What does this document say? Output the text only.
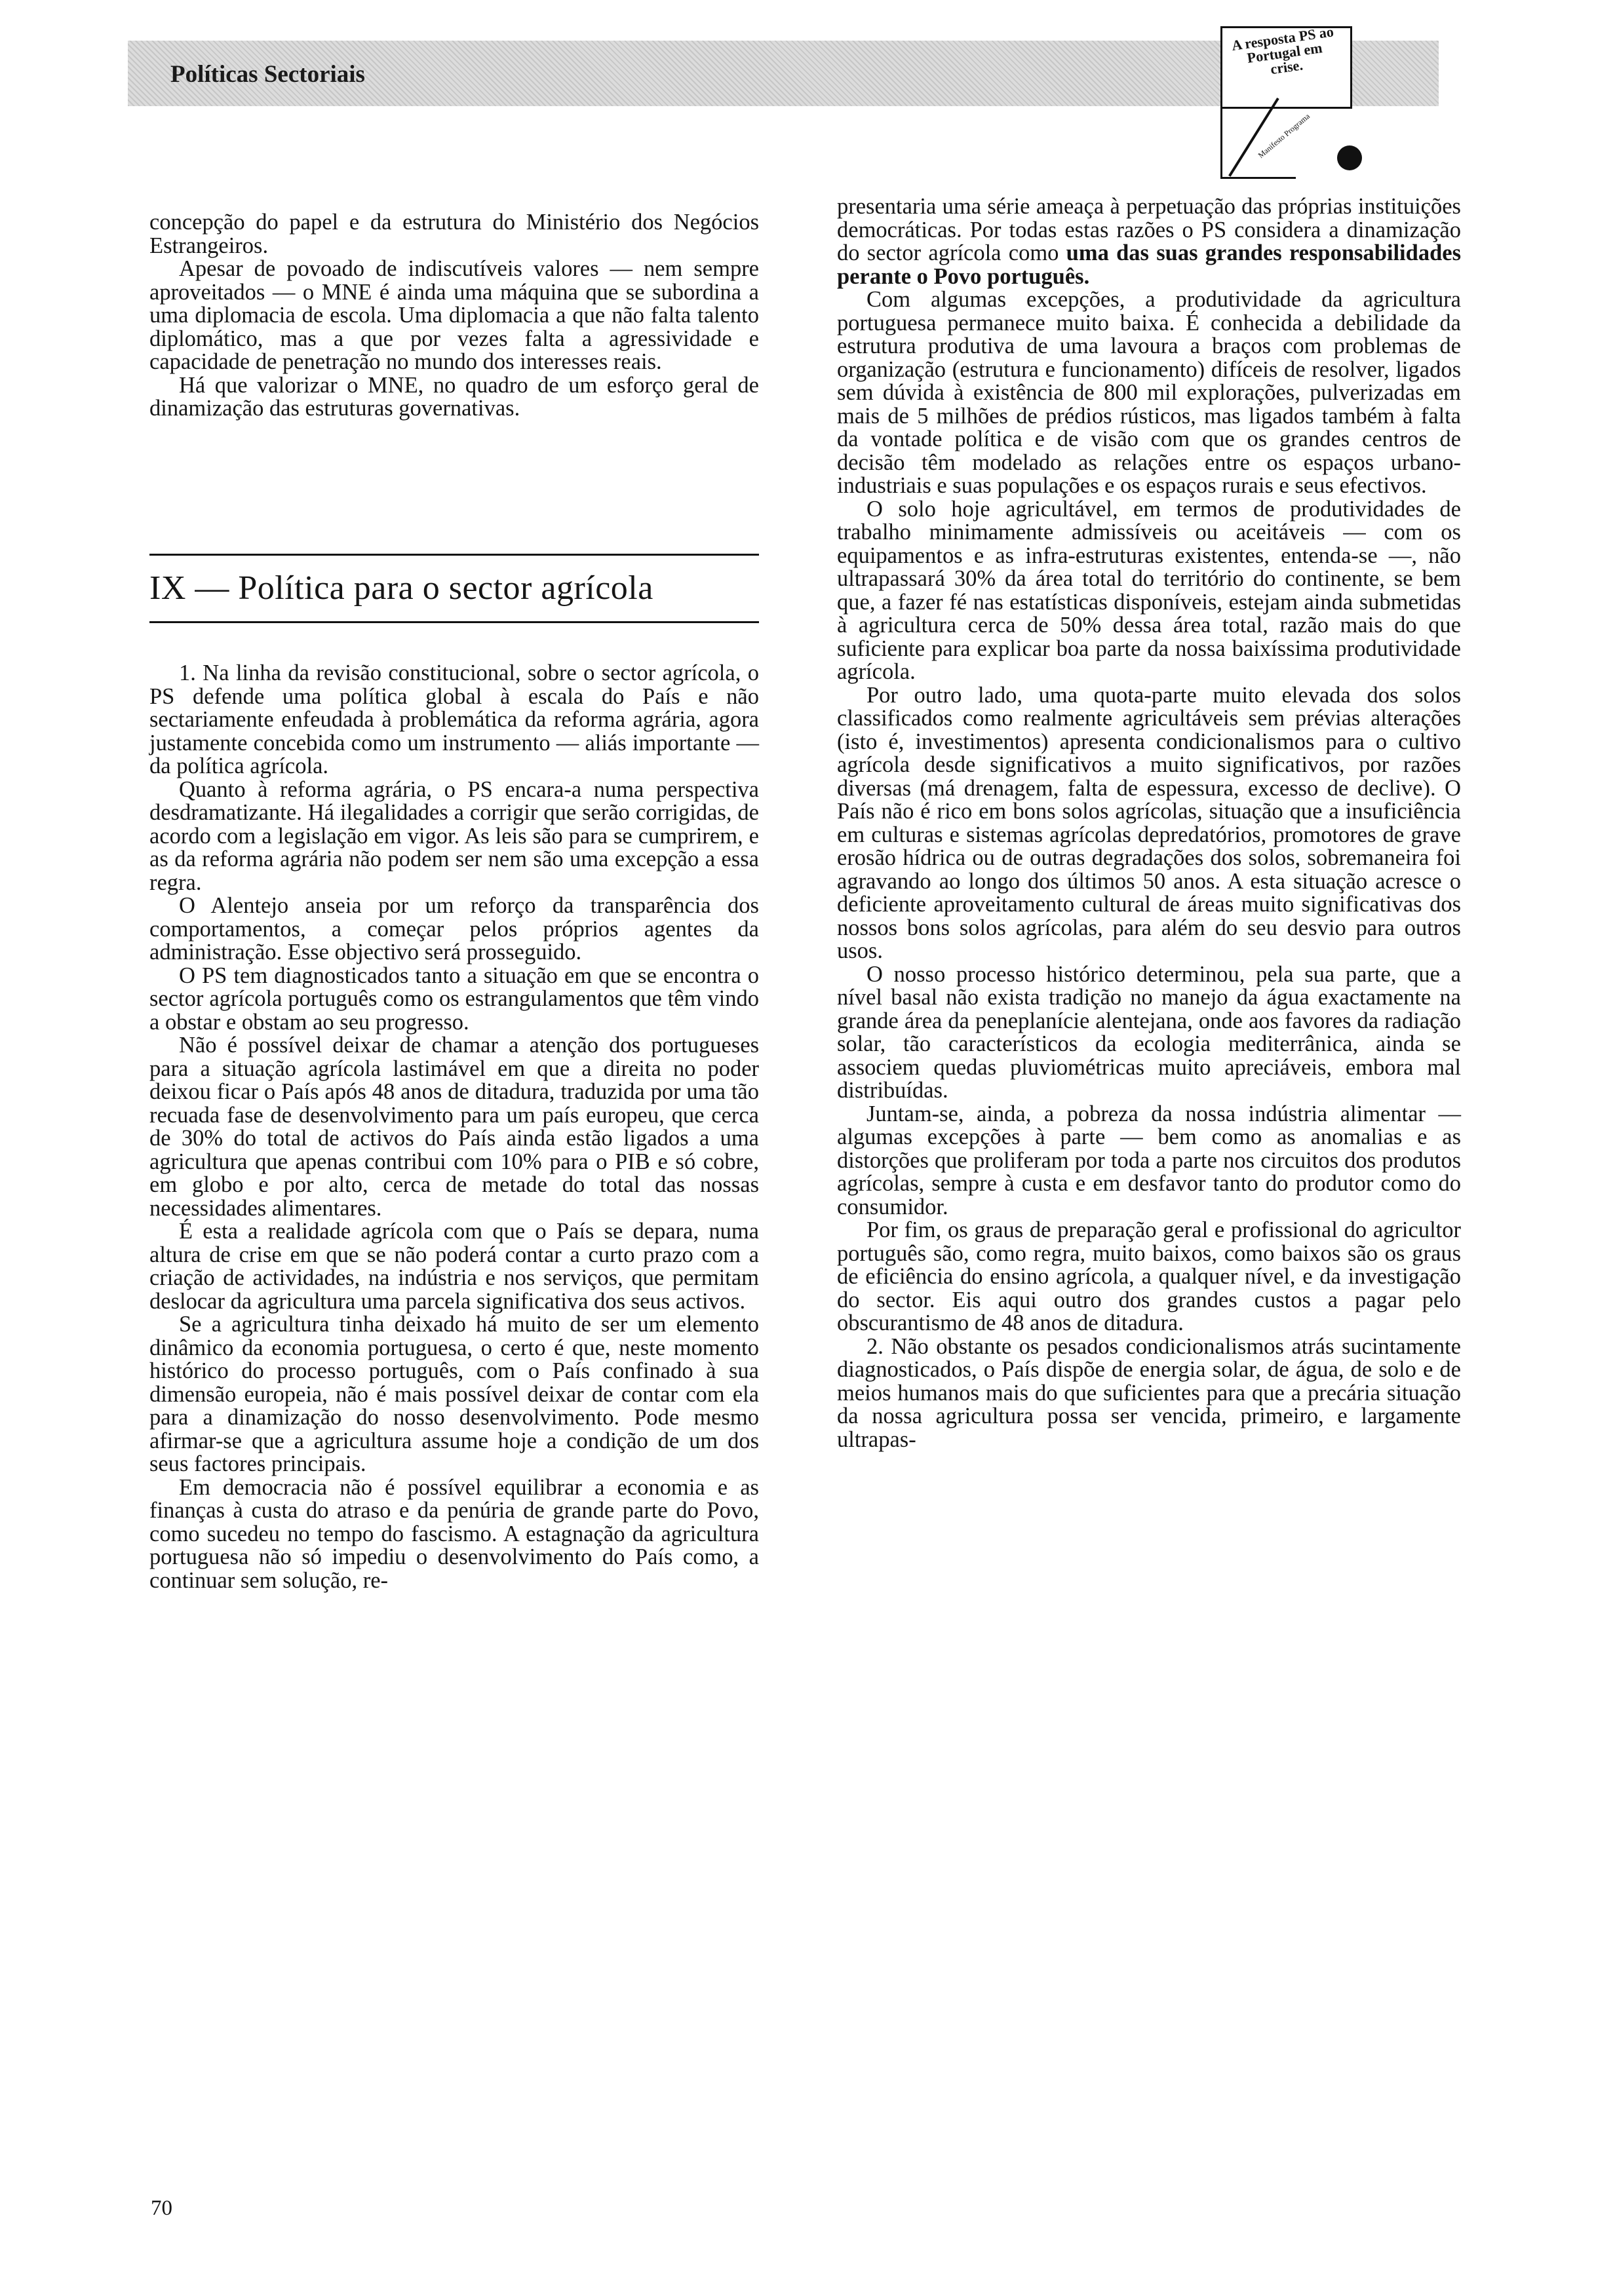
Políticas Sectoriais
A resposta PS ao Portugal em crise.
Manifesto Programa

concepção do papel e da estrutura do Ministério dos Negócios Estrangeiros.

Apesar de povoado de indiscutíveis valores — nem sempre aproveitados — o MNE é ainda uma máquina que se subordina a uma diplomacia de escola. Uma diplomacia a que não falta talento diplomático, mas a que por vezes falta a agressividade e capacidade de penetração no mundo dos interesses reais.

Há que valorizar o MNE, no quadro de um esforço geral de dinamização das estruturas governativas.

IX — Política para o sector agrícola

1. Na linha da revisão constitucional, sobre o sector agrícola, o PS defende uma política global à escala do País e não sectariamente enfeudada à problemática da reforma agrária, agora justamente concebida como um instrumento — aliás importante — da política agrícola.

Quanto à reforma agrária, o PS encara-a numa perspectiva desdramatizante. Há ilegalidades a corrigir que serão corrigidas, de acordo com a legislação em vigor. As leis são para se cumprirem, e as da reforma agrária não podem ser nem são uma excepção a essa regra.

O Alentejo anseia por um reforço da transparência dos comportamentos, a começar pelos próprios agentes da administração. Esse objectivo será prosseguido.

O PS tem diagnosticados tanto a situação em que se encontra o sector agrícola português como os estrangulamentos que têm vindo a obstar e obstam ao seu progresso.

Não é possível deixar de chamar a atenção dos portugueses para a situação agrícola lastimável em que a direita no poder deixou ficar o País após 48 anos de ditadura, traduzida por uma tão recuada fase de desenvolvimento para um país europeu, que cerca de 30% do total de activos do País ainda estão ligados a uma agricultura que apenas contribui com 10% para o PIB e só cobre, em globo e por alto, cerca de metade do total das nossas necessidades alimentares.

É esta a realidade agrícola com que o País se depara, numa altura de crise em que se não poderá contar a curto prazo com a criação de actividades, na indústria e nos serviços, que permitam deslocar da agricultura uma parcela significativa dos seus activos.

Se a agricultura tinha deixado há muito de ser um elemento dinâmico da economia portuguesa, o certo é que, neste momento histórico do processo português, com o País confinado à sua dimensão europeia, não é mais possível deixar de contar com ela para a dinamização do nosso desenvolvimento. Pode mesmo afirmar-se que a agricultura assume hoje a condição de um dos seus factores principais.

Em democracia não é possível equilibrar a economia e as finanças à custa do atraso e da penúria de grande parte do Povo, como sucedeu no tempo do fascismo. A estagnação da agricultura portuguesa não só impediu o desenvolvimento do País como, a continuar sem solução, re-

presentaria uma série ameaça à perpetuação das próprias instituições democráticas. Por todas estas razões o PS considera a dinamização do sector agrícola como uma das suas grandes responsabilidades perante o Povo português.

Com algumas excepções, a produtividade da agricultura portuguesa permanece muito baixa. É conhecida a debilidade da estrutura produtiva de uma lavoura a braços com problemas de organização (estrutura e funcionamento) difíceis de resolver, ligados sem dúvida à existência de 800 mil explorações, pulverizadas em mais de 5 milhões de prédios rústicos, mas ligados também à falta da vontade política e de visão com que os grandes centros de decisão têm modelado as relações entre os espaços urbano-industriais e suas populações e os espaços rurais e seus efectivos.

O solo hoje agricultável, em termos de produtividades de trabalho minimamente admissíveis ou aceitáveis — com os equipamentos e as infra-estruturas existentes, entenda-se —, não ultrapassará 30% da área total do território do continente, se bem que, a fazer fé nas estatísticas disponíveis, estejam ainda submetidas à agricultura cerca de 50% dessa área total, razão mais do que suficiente para explicar boa parte da nossa baixíssima produtividade agrícola.

Por outro lado, uma quota-parte muito elevada dos solos classificados como realmente agricultáveis sem prévias alterações (isto é, investimentos) apresenta condicionalismos para o cultivo agrícola desde significativos a muito significativos, por razões diversas (má drenagem, falta de espessura, excesso de declive). O País não é rico em bons solos agrícolas, situação que a insuficiência em culturas e sistemas agrícolas depredatórios, promotores de grave erosão hídrica ou de outras degradações dos solos, sobremaneira foi agravando ao longo dos últimos 50 anos. A esta situação acresce o deficiente aproveitamento cultural de áreas muito significativas dos nossos bons solos agrícolas, para além do seu desvio para outros usos.

O nosso processo histórico determinou, pela sua parte, que a nível basal não exista tradição no manejo da água exactamente na grande área da peneplanície alentejana, onde aos favores da radiação solar, tão característicos da ecologia mediterrânica, ainda se associem quedas pluviométricas muito apreciáveis, embora mal distribuídas.

Juntam-se, ainda, a pobreza da nossa indústria alimentar — algumas excepções à parte — bem como as anomalias e as distorções que proliferam por toda a parte nos circuitos dos produtos agrícolas, sempre à custa e em desfavor tanto do produtor como do consumidor.

Por fim, os graus de preparação geral e profissional do agricultor português são, como regra, muito baixos, como baixos são os graus de eficiência do ensino agrícola, a qualquer nível, e da investigação do sector. Eis aqui outro dos grandes custos a pagar pelo obscurantismo de 48 anos de ditadura.

2. Não obstante os pesados condicionalismos atrás sucintamente diagnosticados, o País dispõe de energia solar, de água, de solo e de meios humanos mais do que suficientes para que a precária situação da nossa agricultura possa ser vencida, primeiro, e largamente ultrapas-

70
